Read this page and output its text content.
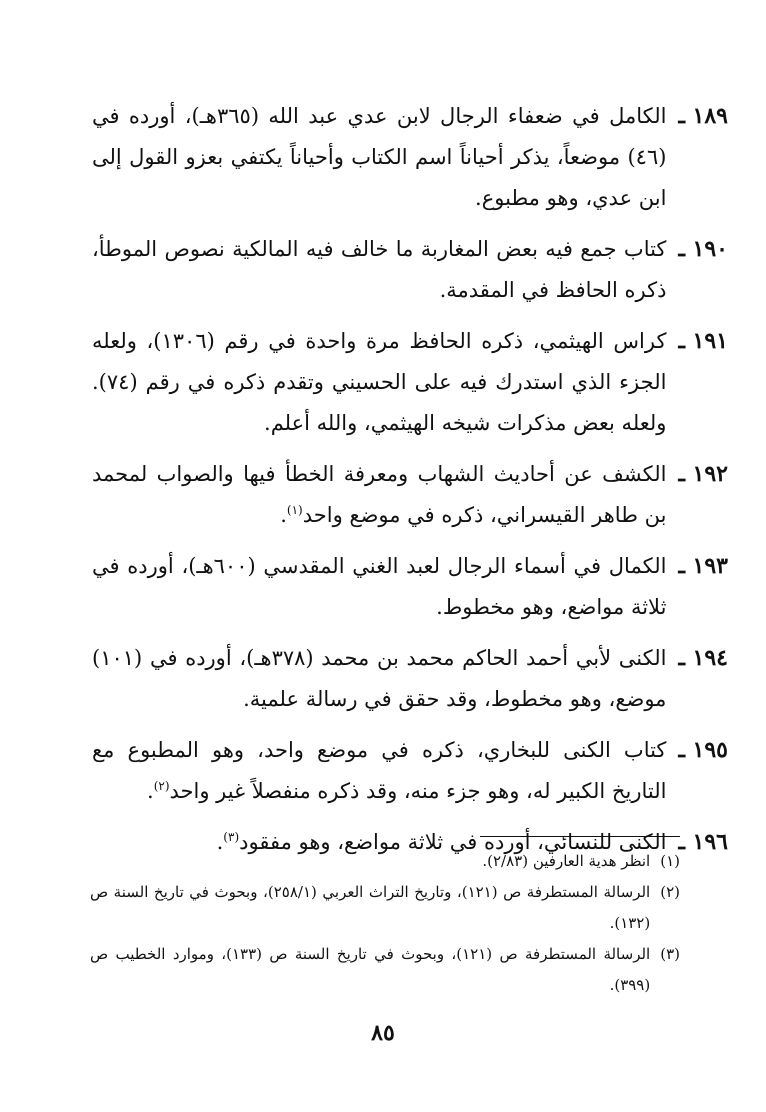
١٨٩ ـ
الكامل في ضعفاء الرجال لابن عدي عبد الله (٣٦٥هـ)، أورده في (٤٦) موضعاً، يذكر أحياناً اسم الكتاب وأحياناً يكتفي بعزو القول إلى ابن عدي، وهو مطبوع.
١٩٠ ـ
كتاب جمع فيه بعض المغاربة ما خالف فيه المالكية نصوص الموطأ، ذكره الحافظ في المقدمة.
١٩١ ـ
كراس الهيثمي، ذكره الحافظ مرة واحدة في رقم (١٣٠٦)، ولعله الجزء الذي استدرك فيه على الحسيني وتقدم ذكره في رقم (٧٤). ولعله بعض مذكرات شيخه الهيثمي، والله أعلم.
١٩٢ ـ
الكشف عن أحاديث الشهاب ومعرفة الخطأ فيها والصواب لمحمد بن طاهر القيسراني، ذكره في موضع واحد$^{(١)}$.
١٩٣ ـ
الكمال في أسماء الرجال لعبد الغني المقدسي (٦٠٠هـ)، أورده في ثلاثة مواضع، وهو مخطوط.
١٩٤ ـ
الكنى لأبي أحمد الحاكم محمد بن محمد (٣٧٨هـ)، أورده في (١٠١) موضع، وهو مخطوط، وقد حقق في رسالة علمية.
١٩٥ ـ
كتاب الكنى للبخاري، ذكره في موضع واحد، وهو المطبوع مع التاريخ الكبير له، وهو جزء منه، وقد ذكره منفصلاً غير واحد$^{(٢)}$.
١٩٦ ـ
الكنى للنسائي، أورده في ثلاثة مواضع، وهو مفقود$^{(٣)}$.
(١)
انظر هدية العارفين (٢/٨٣).
(٢)
الرسالة المستطرفة ص (١٢١)، وتاريخ التراث العربي (٢٥٨/١)، وبحوث في تاريخ السنة ص (١٣٢).
(٣)
الرسالة المستطرفة ص (١٢١)، وبحوث في تاريخ السنة ص (١٣٣)، وموارد الخطيب ص (٣٩٩).
٨٥
